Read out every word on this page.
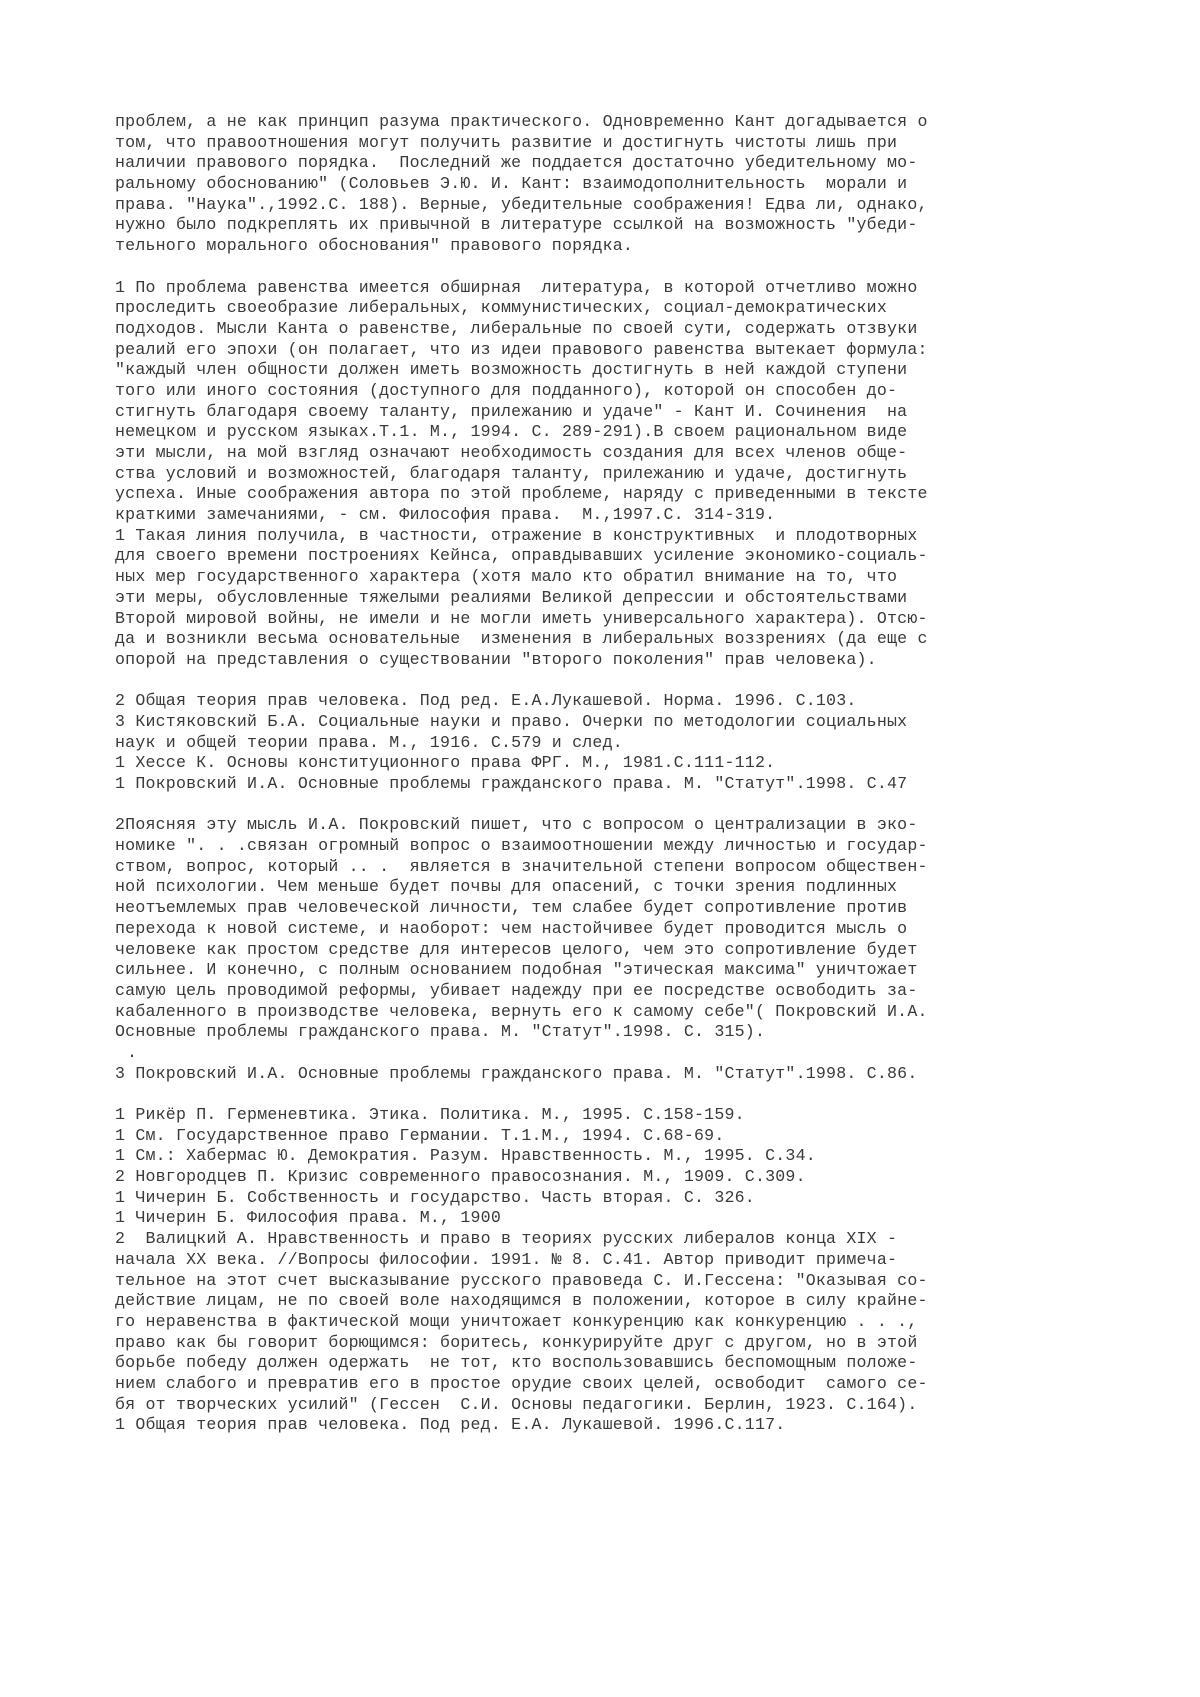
проблем, а не как принцип разума практического. Одновременно Кант догадывается о
том, что правоотношения могут получить развитие и достигнуть чистоты лишь при
наличии правового порядка.  Последний же поддается достаточно убедительному мо-
ральному обоснованию" (Соловьев Э.Ю. И. Кант: взаимодополнительность  морали и
права. "Наука".,1992.С. 188). Верные, убедительные соображения! Едва ли, однако,
нужно было подкреплять их привычной в литературе ссылкой на возможность "убеди-
тельного морального обоснования" правового порядка.
1 По проблема равенства имеется обширная  литература, в которой отчетливо можно
проследить своеобразие либеральных, коммунистических, социал-демократических
подходов. Мысли Канта о равенстве, либеральные по своей сути, содержать отзвуки
реалий его эпохи (он полагает, что из идеи правового равенства вытекает формула:
"каждый член общности должен иметь возможность достигнуть в ней каждой ступени
того или иного состояния (доступного для подданного), которой он способен до-
стигнуть благодаря своему таланту, прилежанию и удаче" - Кант И. Сочинения  на
немецком и русском языках.Т.1. М., 1994. С. 289-291).В своем рациональном виде
эти мысли, на мой взгляд означают необходимость создания для всех членов обще-
ства условий и возможностей, благодаря таланту, прилежанию и удаче, достигнуть
успеха. Иные соображения автора по этой проблеме, наряду с приведенными в тексте
краткими замечаниями, - см. Философия права.  М.,1997.С. 314-319.
1 Такая линия получила, в частности, отражение в конструктивных  и плодотворных
для своего времени построениях Кейнса, оправдывавших усиление экономико-социаль-
ных мер государственного характера (хотя мало кто обратил внимание на то, что
эти меры, обусловленные тяжелыми реалиями Великой депрессии и обстоятельствами
Второй мировой войны, не имели и не могли иметь универсального характера). Отсю-
да и возникли весьма основательные  изменения в либеральных воззрениях (да еще с
опорой на представления о существовании "второго поколения" прав человека).
2 Общая теория прав человека. Под ред. Е.А.Лукашевой. Норма. 1996. С.103.
3 Кистяковский Б.А. Социальные науки и право. Очерки по методологии социальных
наук и общей теории права. М., 1916. С.579 и след.
1 Хессе К. Основы конституционного права ФРГ. М., 1981.С.111-112.
1 Покровский И.А. Основные проблемы гражданского права. М. "Статут".1998. С.47
2Поясняя эту мысль И.А. Покровский пишет, что с вопросом о централизации в эко-
номике ". . .связан огромный вопрос о взаимоотношении между личностью и государ-
ством, вопрос, который .. .  является в значительной степени вопросом обществен-
ной психологии. Чем меньше будет почвы для опасений, с точки зрения подлинных
неотъемлемых прав человеческой личности, тем слабее будет сопротивление против
перехода к новой системе, и наоборот: чем настойчивее будет проводится мысль о
человеке как простом средстве для интересов целого, чем это сопротивление будет
сильнее. И конечно, с полным основанием подобная "этическая максима" уничтожает
самую цель проводимой реформы, убивает надежду при ее посредстве освободить за-
кабаленного в производстве человека, вернуть его к самому себе"( Покровский И.А.
Основные проблемы гражданского права. М. "Статут".1998. С. 315).
.
3 Покровский И.А. Основные проблемы гражданского права. М. "Статут".1998. С.86.
1 Рикёр П. Герменевтика. Этика. Политика. М., 1995. С.158-159.
1 См. Государственное право Германии. Т.1.М., 1994. С.68-69.
1 См.: Хабермас Ю. Демократия. Разум. Нравственность. М., 1995. С.34.
2 Новгородцев П. Кризис современного правосознания. М., 1909. С.309.
1 Чичерин Б. Собственность и государство. Часть вторая. С. 326.
1 Чичерин Б. Философия права. М., 1900
2  Валицкий А. Нравственность и право в теориях русских либералов конца XIX -
начала XX века. //Вопросы философии. 1991. № 8. С.41. Автор приводит примеча-
тельное на этот счет высказывание русского правоведа С. И.Гессена: "Оказывая со-
действие лицам, не по своей воле находящимся в положении, которое в силу крайне-
го неравенства в фактической мощи уничтожает конкуренцию как конкуренцию . . .,
право как бы говорит борющимся: боритесь, конкурируйте друг с другом, но в этой
борьбе победу должен одержать  не тот, кто воспользовавшись беспомощным положе-
нием слабого и превратив его в простое орудие своих целей, освободит  самого се-
бя от творческих усилий" (Гессен  С.И. Основы педагогики. Берлин, 1923. С.164).
1 Общая теория прав человека. Под ред. Е.А. Лукашевой. 1996.С.117.
